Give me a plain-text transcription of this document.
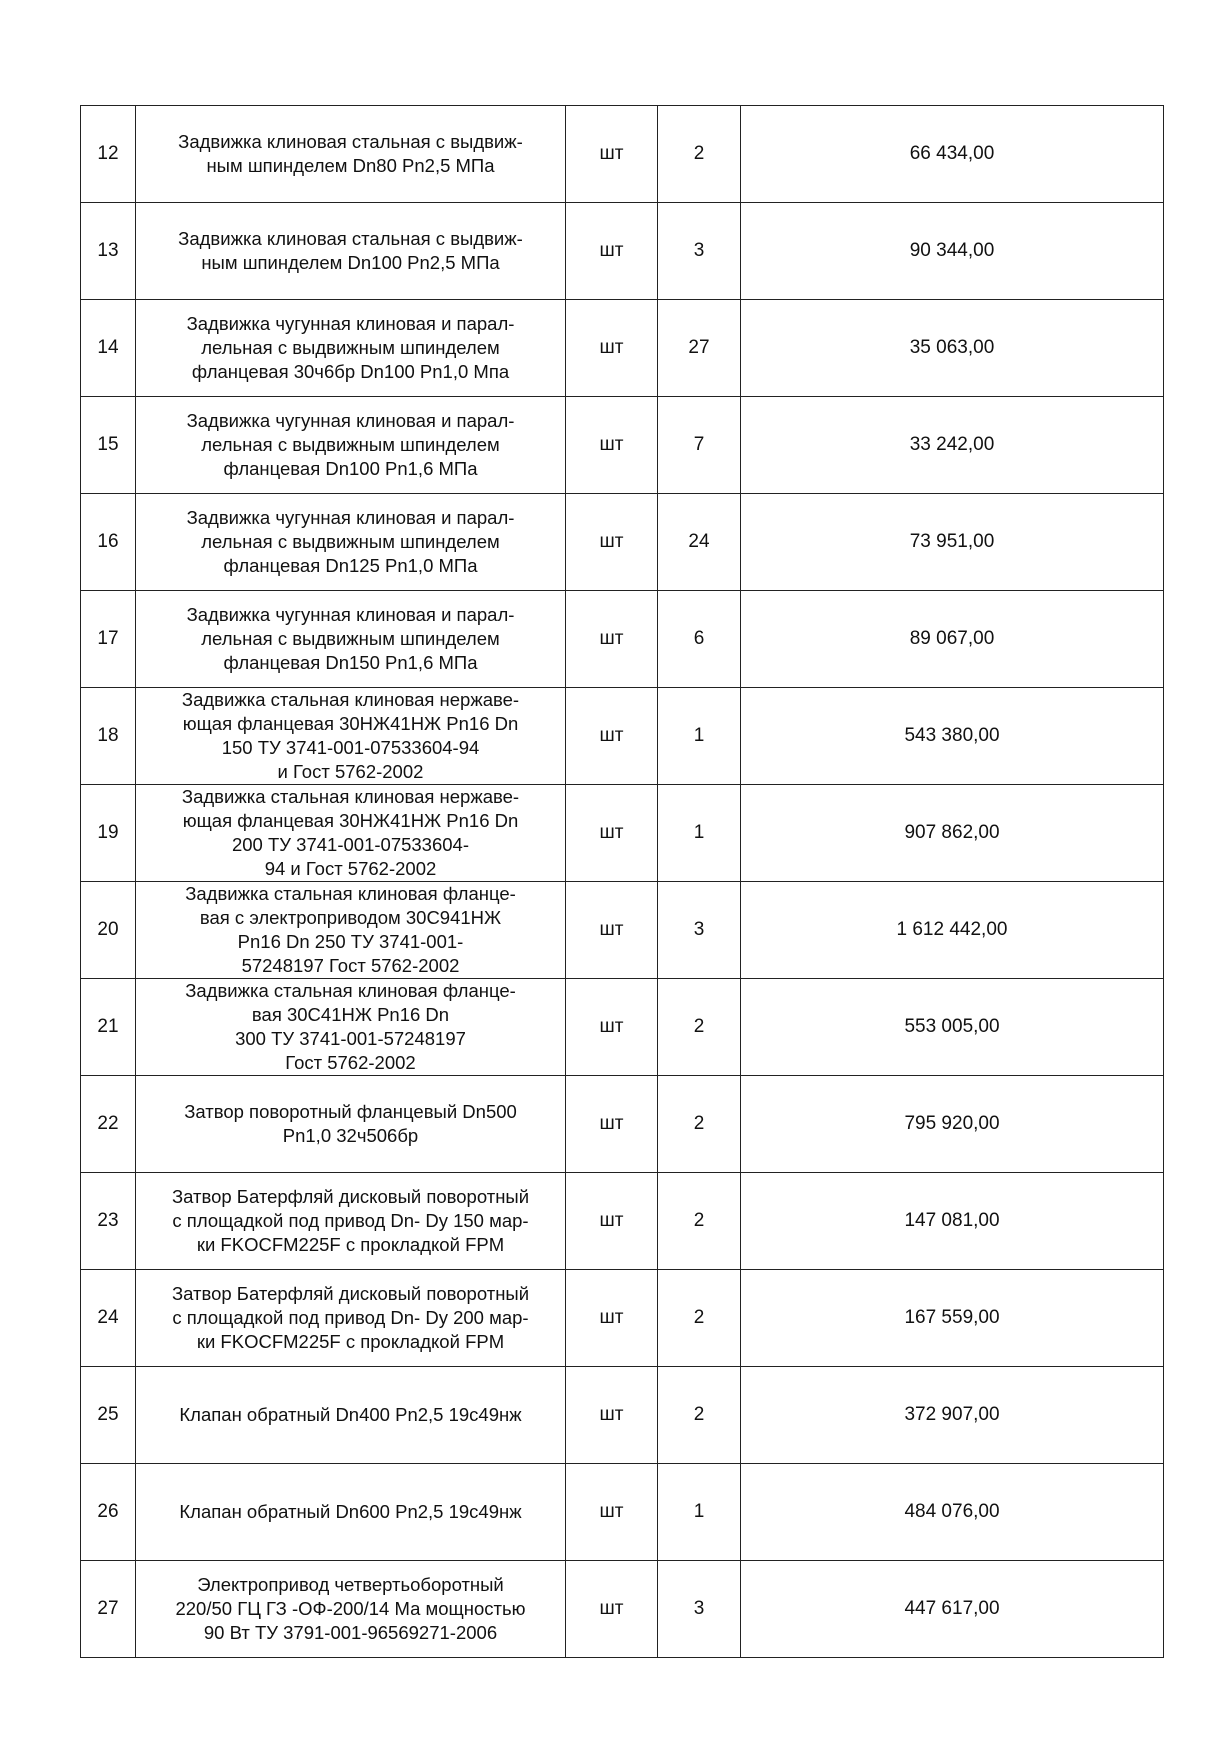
12	Задвижка клиновая стальная с выдвиж-
ным шпинделем Dn80 Pn2,5 МПа	шт	2	66 434,00
13	Задвижка клиновая стальная с выдвиж-
ным шпинделем Dn100 Pn2,5 МПа	шт	3	90 344,00
14	Задвижка чугунная клиновая и парал-
лельная с выдвижным шпинделем
фланцевая 30ч6бр Dn100 Pn1,0 Мпа	шт	27	35 063,00
15	Задвижка чугунная клиновая и парал-
лельная с выдвижным шпинделем
фланцевая Dn100 Pn1,6 МПа	шт	7	33 242,00
16	Задвижка чугунная клиновая и парал-
лельная с выдвижным шпинделем
фланцевая Dn125 Pn1,0 МПа	шт	24	73 951,00
17	Задвижка чугунная клиновая и парал-
лельная с выдвижным шпинделем
фланцевая Dn150 Pn1,6 МПа	шт	6	89 067,00
18	Задвижка стальная клиновая нержаве-
ющая фланцевая 30НЖ41НЖ Pn16 Dn
150 ТУ 3741-001-07533604-94
и Гост 5762-2002	шт	1	543 380,00
19	Задвижка стальная клиновая нержаве-
ющая фланцевая 30НЖ41НЖ Pn16 Dn
200 ТУ 3741-001-07533604-
94 и Гост 5762-2002	шт	1	907 862,00
20	Задвижка стальная клиновая фланце-
вая с электроприводом 30С941НЖ
Pn16 Dn 250 ТУ 3741-001-
57248197 Гост 5762-2002	шт	3	1 612 442,00
21	Задвижка стальная клиновая фланце-
вая 30С41НЖ Pn16 Dn
300 ТУ 3741-001-57248197
Гост 5762-2002	шт	2	553 005,00
22	Затвор поворотный фланцевый Dn500
Pn1,0 32ч506бр	шт	2	795 920,00
23	Затвор Батерфляй дисковый поворотный
с площадкой под привод Dn- Dy 150 мар-
ки FKOCFM225F с прокладкой FPM	шт	2	147 081,00
24	Затвор Батерфляй дисковый поворотный
с площадкой под привод Dn- Dy 200 мар-
ки FKOCFM225F с прокладкой FPM	шт	2	167 559,00
25	Клапан обратный Dn400 Pn2,5 19с49нж	шт	2	372 907,00
26	Клапан обратный Dn600 Pn2,5 19с49нж	шт	1	484 076,00
27	Электропривод четвертьоборотный
220/50 ГЦ ГЗ -ОФ-200/14 Ма мощностью
90 Вт ТУ 3791-001-96569271-2006	шт	3	447 617,00
